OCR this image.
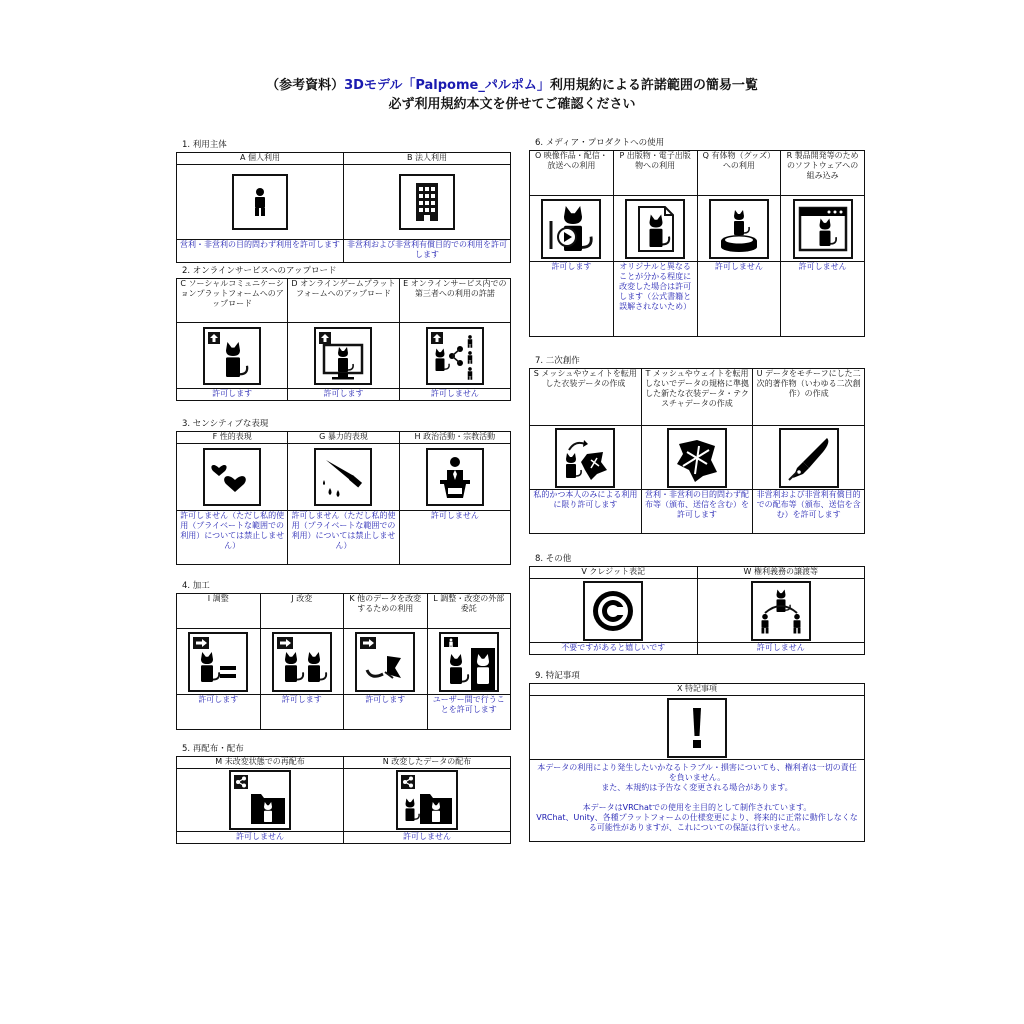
（参考資料）3Dモデル「Palpome_パルポム」利用規約による許諾範囲の簡易一覧
必ず利用規約本文を併せてご確認ください
1. 利用主体
A 個人利用	B 法人利用

営利・非営利の目的問わず利用を許可します	非営利および非営利有償目的での利用を許可します
2. オンラインサービスへのアップロード
C ソーシャルコミュニケーションプラットフォームへのアップロード	D オンラインゲームプラットフォームへのアップロード	E オンラインサービス内での第三者への利用の許諾

許可します	許可します	許可しません
3. センシティブな表現
F 性的表現	G 暴力的表現	H 政治活動・宗教活動

許可しません（ただし私的使用（プライベートな範囲での利用）については禁止しません）	許可しません（ただし私的使用（プライベートな範囲での利用）については禁止しません）	許可しません
4. 加工
I 調整	J 改変	K 他のデータを改変するための利用	L 調整・改変の外部委託

許可します	許可します	許可します	ユーザー間で行うことを許可します
5. 再配布・配布
M 未改変状態での再配布	N 改変したデータの配布

許可しません	許可しません
6. メディア・プロダクトへの使用
O 映像作品・配信・放送への利用	P 出版物・電子出版物への利用	Q 有体物（グッズ）への利用	R 製品開発等のためのソフトウェアへの組み込み

許可します	オリジナルと異なることが分かる程度に改変した場合は許可します（公式書籍と誤解されないため）	許可しません	許可しません
7. 二次創作
S メッシュやウェイトを転用した衣装データの作成	T メッシュやウェイトを転用しないでデータの規格に準拠した新たな衣装データ・テクスチャデータの作成	U データをモチーフにした二次的著作物（いわゆる二次創作）の作成

私的かつ本人のみによる利用に限り許可します	営利・非営利の目的問わず配布等（頒布、送信を含む）を許可します	非営利および非営利有償目的での配布等（頒布、送信を含む）を許可します
8. その他
V クレジット表記	W 権利義務の譲渡等

不要ですがあると嬉しいです	許可しません
9. 特記事項
X 特記事項

本データの利用により発生したいかなるトラブル・損害についても、権利者は一切の責任を負いません。
また、本規約は予告なく変更される場合があります。
本データはVRChatでの使用を主目的として制作されています。
VRChat、Unity、各種プラットフォームの仕様変更により、将来的に正常に動作しなくなる可能性がありますが、これについての保証は行いません。
